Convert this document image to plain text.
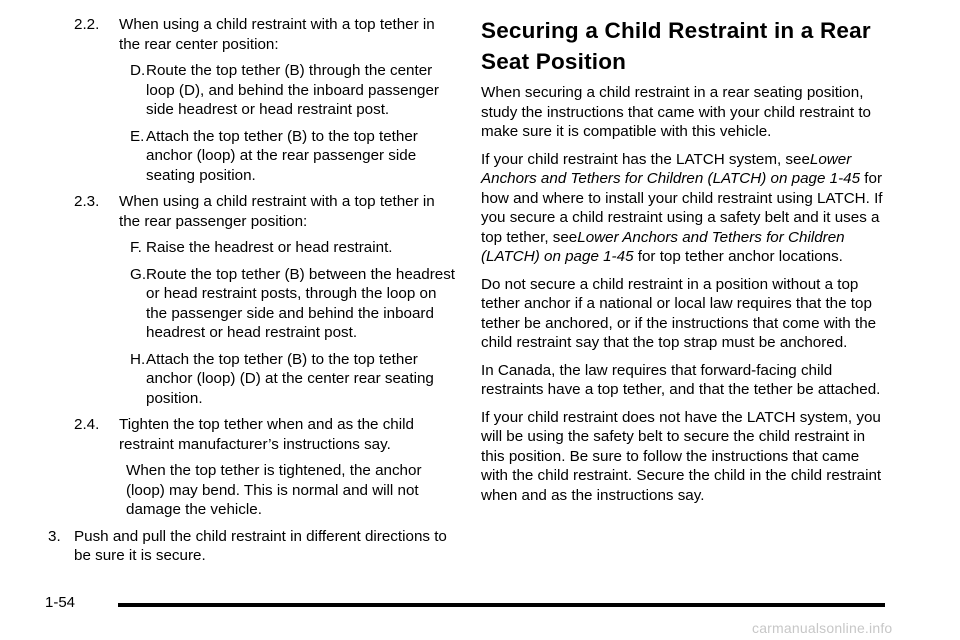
2.2.	When using a child restraint with a top tether in the rear center position:

D. Route the top tether (B) through the center loop (D), and behind the inboard passenger side headrest or head restraint post.

E. Attach the top tether (B) to the top tether anchor (loop) at the rear passenger side seating position.

2.3.	When using a child restraint with a top tether in the rear passenger position:

F. Raise the headrest or head restraint.

G. Route the top tether (B) between the headrest or head restraint posts, through the loop on the passenger side and behind the inboard headrest or head restraint post.

H. Attach the top tether (B) to the top tether anchor (loop) (D) at the center rear seating position.

2.4.	Tighten the top tether when and as the child restraint manufacturer’s instructions say.

When the top tether is tightened, the anchor (loop) may bend. This is normal and will not damage the vehicle.

3. Push and pull the child restraint in different directions to be sure it is secure.

Securing a Child Restraint in a Rear Seat Position

When securing a child restraint in a rear seating position, study the instructions that came with your child restraint to make sure it is compatible with this vehicle.

If your child restraint has the LATCH system, seeLower Anchors and Tethers for Children (LATCH) on page 1-45 for how and where to install your child restraint using LATCH. If you secure a child restraint using a safety belt and it uses a top tether, seeLower Anchors and Tethers for Children (LATCH) on page 1-45 for top tether anchor locations.

Do not secure a child restraint in a position without a top tether anchor if a national or local law requires that the top tether be anchored, or if the instructions that come with the child restraint say that the top strap must be anchored.

In Canada, the law requires that forward-facing child restraints have a top tether, and that the tether be attached.

If your child restraint does not have the LATCH system, you will be using the safety belt to secure the child restraint in this position. Be sure to follow the instructions that came with the child restraint. Secure the child in the child restraint when and as the instructions say.

1-54
carmanualsonline.info
